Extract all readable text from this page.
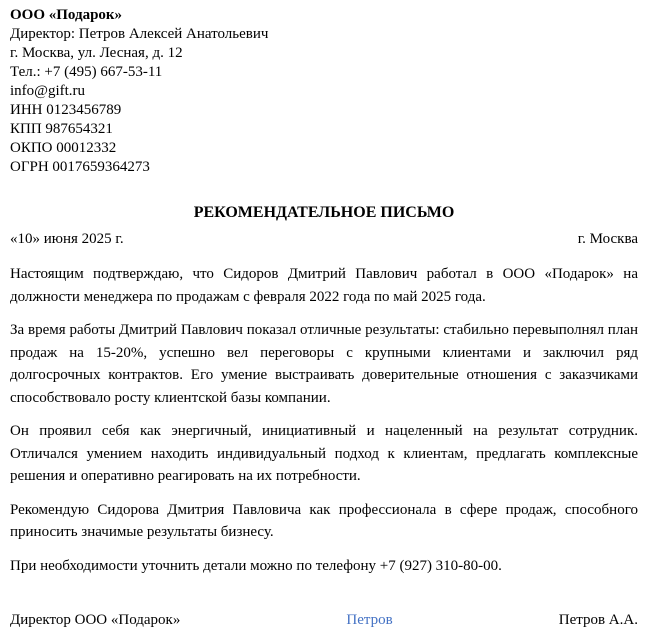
ООО «Подарок»
Директор: Петров Алексей Анатольевич
г. Москва, ул. Лесная, д. 12
Тел.: +7 (495) 667-53-11
info@gift.ru
ИНН 0123456789
КПП 987654321
ОКПО 00012332
ОГРН 0017659364273
РЕКОМЕНДАТЕЛЬНОЕ ПИСЬМО
«10» июня 2025 г.	г. Москва

Настоящим подтверждаю, что Сидоров Дмитрий Павлович работал в ООО «Подарок» на должности менеджера по продажам с февраля 2022 года по май 2025 года.

За время работы Дмитрий Павлович показал отличные результаты: стабильно перевыполнял план продаж на 15-20%, успешно вел переговоры с крупными клиентами и заключил ряд долгосрочных контрактов. Его умение выстраивать доверительные отношения с заказчиками способствовало росту клиентской базы компании.

Он проявил себя как энергичный, инициативный и нацеленный на результат сотрудник. Отличался умением находить индивидуальный подход к клиентам, предлагать комплексные решения и оперативно реагировать на их потребности.

Рекомендую Сидорова Дмитрия Павловича как профессионала в сфере продаж, способного приносить значимые результаты бизнесу.

При необходимости уточнить детали можно по телефону +7 (927) 310-80-00.

Директор ООО «Подарок»	Петров	Петров А.А.
